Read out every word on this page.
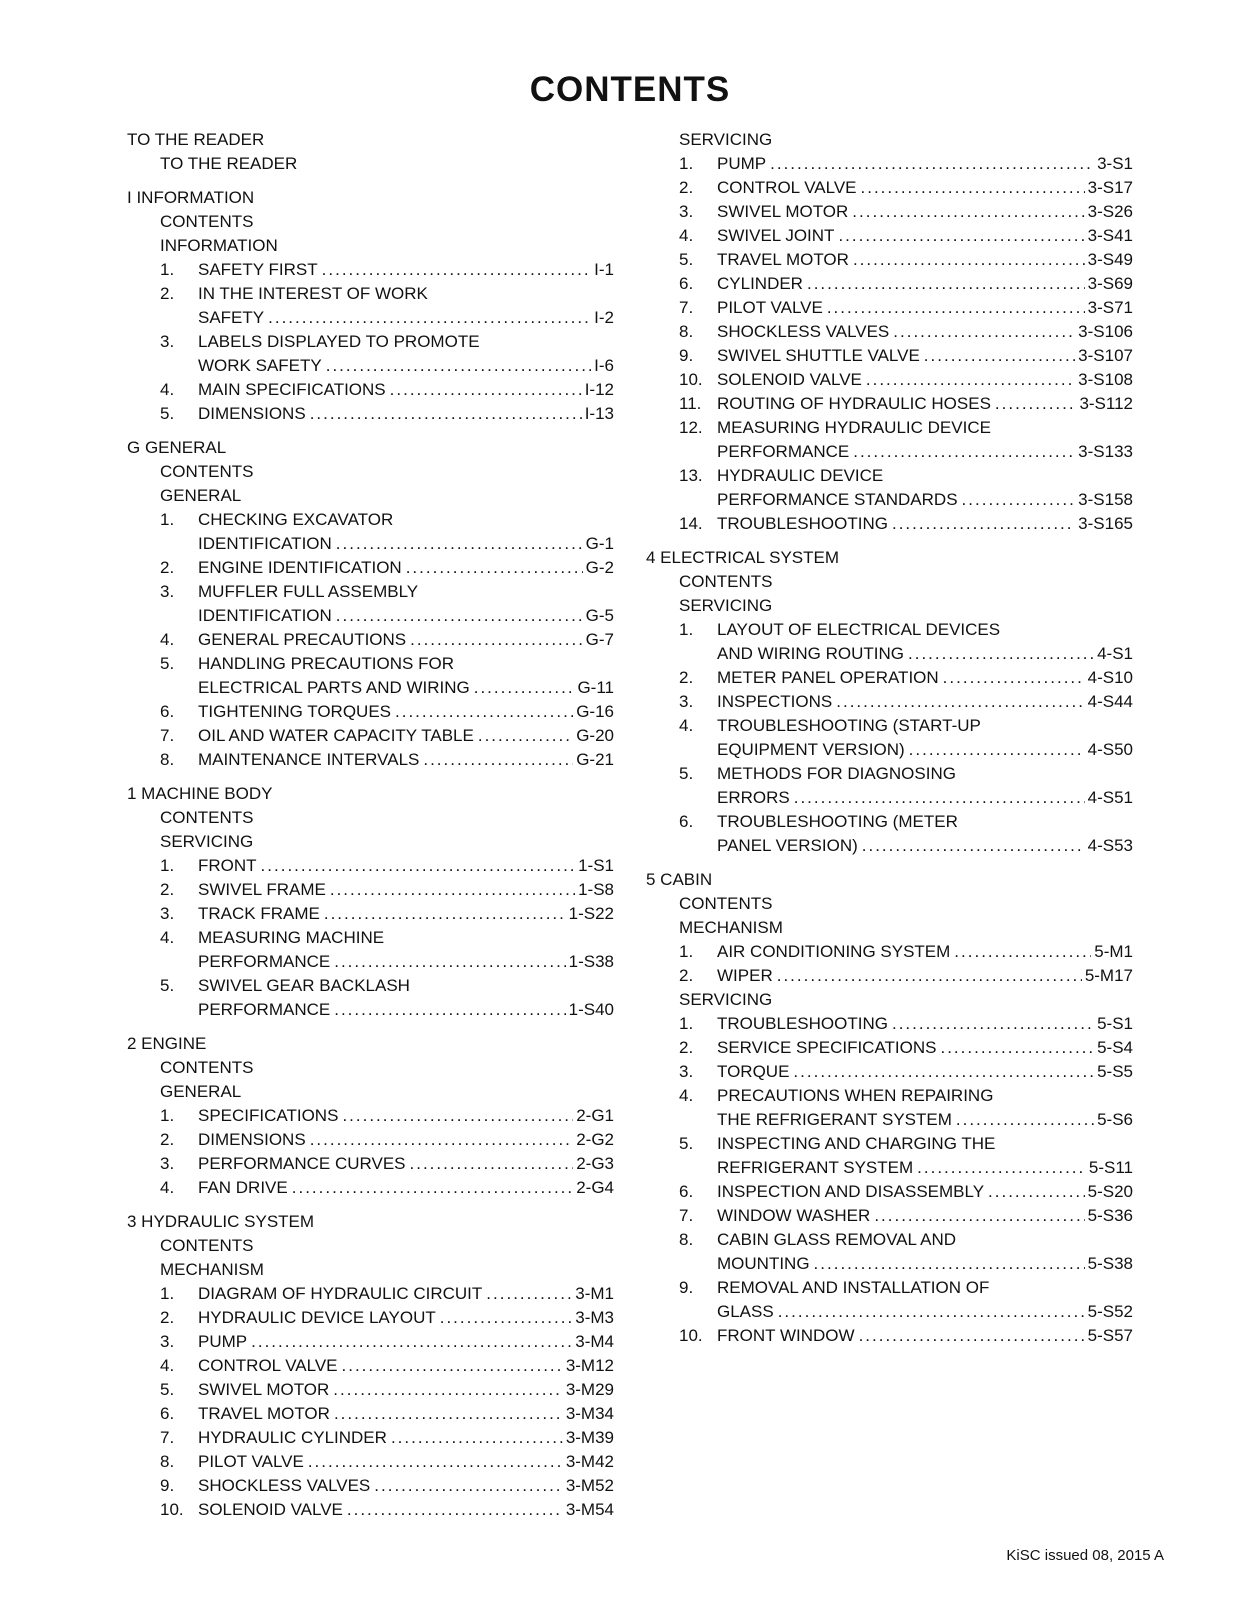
CONTENTS
TO THE READER
TO THE READER
I INFORMATION
CONTENTS
INFORMATION
1.	SAFETY FIRST .....	I-1
2.	IN THE INTEREST OF WORK
SAFETY .....	I-2
3.	LABELS DISPLAYED TO PROMOTE
WORK SAFETY .....	I-6
4.	MAIN SPECIFICATIONS .....	I-12
5.	DIMENSIONS .....	I-13
G GENERAL
CONTENTS
GENERAL
1.	CHECKING EXCAVATOR
IDENTIFICATION .....	G-1
2.	ENGINE IDENTIFICATION .....	G-2
3.	MUFFLER FULL ASSEMBLY
IDENTIFICATION .....	G-5
4.	GENERAL PRECAUTIONS .....	G-7
5.	HANDLING PRECAUTIONS FOR
ELECTRICAL PARTS AND WIRING .....	G-11
6.	TIGHTENING TORQUES .....	G-16
7.	OIL AND WATER CAPACITY TABLE .....	G-20
8.	MAINTENANCE INTERVALS .....	G-21
1 MACHINE BODY
CONTENTS
SERVICING
1.	FRONT .....	1-S1
2.	SWIVEL FRAME .....	1-S8
3.	TRACK FRAME .....	1-S22
4.	MEASURING MACHINE
PERFORMANCE .....	1-S38
5.	SWIVEL GEAR BACKLASH
PERFORMANCE .....	1-S40
2 ENGINE
CONTENTS
GENERAL
1.	SPECIFICATIONS .....	2-G1
2.	DIMENSIONS .....	2-G2
3.	PERFORMANCE CURVES .....	2-G3
4.	FAN DRIVE .....	2-G4
3 HYDRAULIC SYSTEM
CONTENTS
MECHANISM
1.	DIAGRAM OF HYDRAULIC CIRCUIT .....	3-M1
2.	HYDRAULIC DEVICE LAYOUT .....	3-M3
3.	PUMP .....	3-M4
4.	CONTROL VALVE .....	3-M12
5.	SWIVEL MOTOR .....	3-M29
6.	TRAVEL MOTOR .....	3-M34
7.	HYDRAULIC CYLINDER .....	3-M39
8.	PILOT VALVE .....	3-M42
9.	SHOCKLESS VALVES .....	3-M52
10. SOLENOID VALVE .....	3-M54
SERVICING
1.	PUMP .....	3-S1
2.	CONTROL VALVE .....	3-S17
3.	SWIVEL MOTOR .....	3-S26
4.	SWIVEL JOINT .....	3-S41
5.	TRAVEL MOTOR .....	3-S49
6.	CYLINDER .....	3-S69
7.	PILOT VALVE .....	3-S71
8.	SHOCKLESS VALVES .....	3-S106
9.	SWIVEL SHUTTLE VALVE .....	3-S107
10. SOLENOID VALVE .....	3-S108
11. ROUTING OF HYDRAULIC HOSES .....	3-S112
12. MEASURING HYDRAULIC DEVICE
PERFORMANCE .....	3-S133
13. HYDRAULIC DEVICE
PERFORMANCE STANDARDS .....	3-S158
14. TROUBLESHOOTING .....	3-S165
4 ELECTRICAL SYSTEM
CONTENTS
SERVICING
1.	LAYOUT OF ELECTRICAL DEVICES
AND WIRING ROUTING .....	4-S1
2.	METER PANEL OPERATION .....	4-S10
3.	INSPECTIONS .....	4-S44
4.	TROUBLESHOOTING (START-UP
EQUIPMENT VERSION) .....	4-S50
5.	METHODS FOR DIAGNOSING
ERRORS .....	4-S51
6.	TROUBLESHOOTING (METER
PANEL VERSION) .....	4-S53
5 CABIN
CONTENTS
MECHANISM
1.	AIR CONDITIONING SYSTEM .....	5-M1
2.	WIPER .....	5-M17
SERVICING
1.	TROUBLESHOOTING .....	5-S1
2.	SERVICE SPECIFICATIONS .....	5-S4
3.	TORQUE .....	5-S5
4.	PRECAUTIONS WHEN REPAIRING
THE REFRIGERANT SYSTEM .....	5-S6
5.	INSPECTING AND CHARGING THE
REFRIGERANT SYSTEM .....	5-S11
6.	INSPECTION AND DISASSEMBLY .....	5-S20
7.	WINDOW WASHER .....	5-S36
8.	CABIN GLASS REMOVAL AND
MOUNTING .....	5-S38
9.	REMOVAL AND INSTALLATION OF
GLASS .....	5-S52
10. FRONT WINDOW .....	5-S57
KiSC issued 08, 2015 A
